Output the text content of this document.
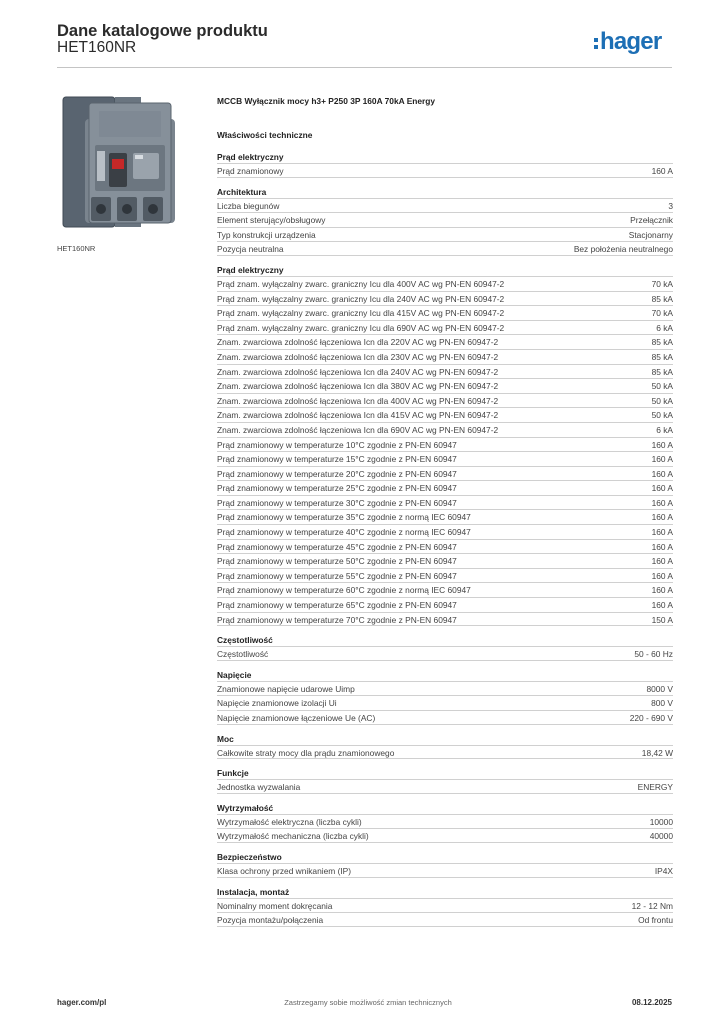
Dane katalogowe produktu
HET160NR	hager
HET160NR
MCCB Wyłącznik mocy h3+ P250 3P 160A 70kA Energy
Właściwości techniczne
Prąd elektryczny
Prąd znamionowy	160 A
Architektura
Liczba biegunów	3
Element sterujący/obsługowy	Przełącznik
Typ konstrukcji urządzenia	Stacjonarny
Pozycja neutralna	Bez położenia neutralnego
Prąd elektryczny
Prąd znam. wyłączalny zwarc. graniczny Icu dla 400V AC wg PN-EN 60947-2	70 kA
Prąd znam. wyłączalny zwarc. graniczny Icu dla 240V AC wg PN-EN 60947-2	85 kA
Prąd znam. wyłączalny zwarc. graniczny Icu dla 415V AC wg PN-EN 60947-2	70 kA
Prąd znam. wyłączalny zwarc. graniczny Icu dla 690V AC wg PN-EN 60947-2	6 kA
Znam. zwarciowa zdolność łączeniowa Icn dla 220V AC wg PN-EN 60947-2	85 kA
Znam. zwarciowa zdolność łączeniowa Icn dla 230V AC wg PN-EN 60947-2	85 kA
Znam. zwarciowa zdolność łączeniowa Icn dla 240V AC wg PN-EN 60947-2	85 kA
Znam. zwarciowa zdolność łączeniowa Icn dla 380V AC wg PN-EN 60947-2	50 kA
Znam. zwarciowa zdolność łączeniowa Icn dla 400V AC wg PN-EN 60947-2	50 kA
Znam. zwarciowa zdolność łączeniowa Icn dla 415V AC wg PN-EN 60947-2	50 kA
Znam. zwarciowa zdolność łączeniowa Icn dla 690V AC wg PN-EN 60947-2	6 kA
Prąd znamionowy w temperaturze 10°C zgodnie z PN-EN 60947	160 A
Prąd znamionowy w temperaturze 15°C zgodnie z PN-EN 60947	160 A
Prąd znamionowy w temperaturze 20°C zgodnie z PN-EN 60947	160 A
Prąd znamionowy w temperaturze 25°C zgodnie z PN-EN 60947	160 A
Prąd znamionowy w temperaturze 30°C zgodnie z PN-EN 60947	160 A
Prąd znamionowy w temperaturze 35°C zgodnie z normą IEC 60947	160 A
Prąd znamionowy w temperaturze 40°C zgodnie z normą IEC 60947	160 A
Prąd znamionowy w temperaturze 45°C zgodnie z PN-EN 60947	160 A
Prąd znamionowy w temperaturze 50°C zgodnie z PN-EN 60947	160 A
Prąd znamionowy w temperaturze 55°C zgodnie z PN-EN 60947	160 A
Prąd znamionowy w temperaturze 60°C zgodnie z normą IEC 60947	160 A
Prąd znamionowy w temperaturze 65°C zgodnie z PN-EN 60947	160 A
Prąd znamionowy w temperaturze 70°C zgodnie z PN-EN 60947	150 A
Częstotliwość
Częstotliwość	50 - 60 Hz
Napięcie
Znamionowe napięcie udarowe Uimp	8000 V
Napięcie znamionowe izolacji Ui	800 V
Napięcie znamionowe łączeniowe Ue (AC)	220 - 690 V
Moc
Całkowite straty mocy dla prądu znamionowego	18,42 W
Funkcje
Jednostka wyzwalania	ENERGY
Wytrzymałość
Wytrzymałość elektryczna (liczba cykli)	10000
Wytrzymałość mechaniczna (liczba cykli)	40000
Bezpieczeństwo
Klasa ochrony przed wnikaniem (IP)	IP4X
Instalacja, montaż
Nominalny moment dokręcania	12 - 12 Nm
Pozycja montażu/połączenia	Od frontu
hager.com/pl	Zastrzegamy sobie możliwość zmian technicznych	08.12.2025
